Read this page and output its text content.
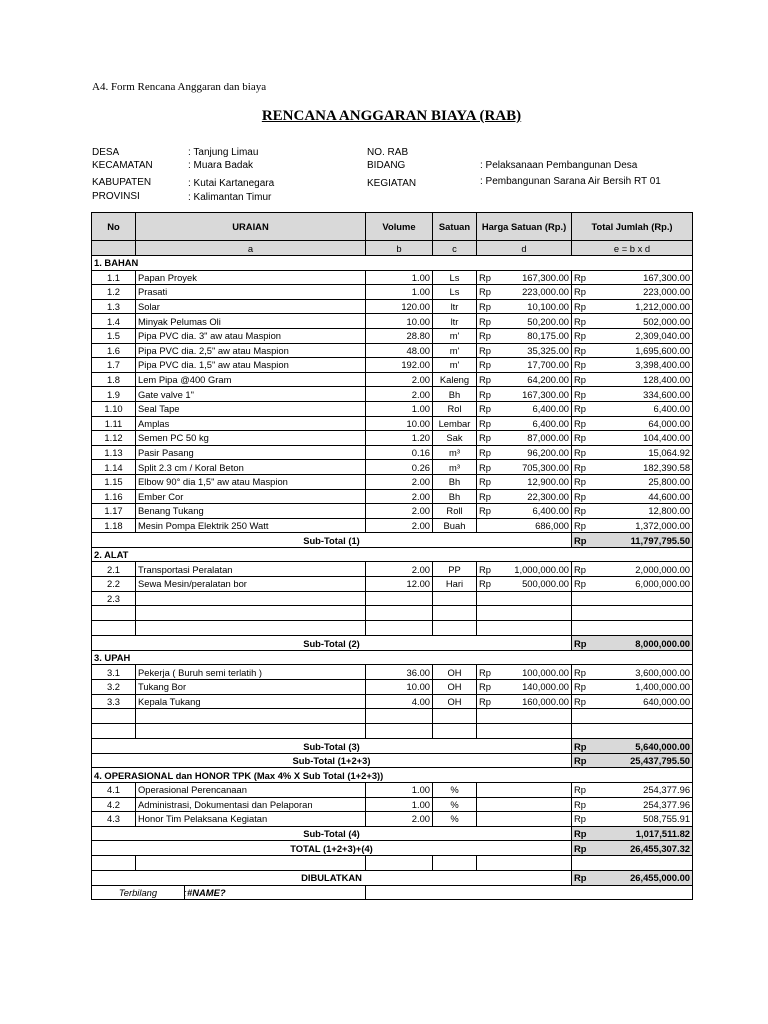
A4. Form Rencana Anggaran dan biaya
RENCANA ANGGARAN BIAYA (RAB)
DESA	: Tanjung Limau
KECAMATAN	: Muara Badak
KABUPATEN	: Kutai Kartanegara
PROVINSI	: Kalimantan Timur
NO. RAB
BIDANG	: Pelaksanaan Pembangunan Desa
KEGIATAN	: Pembangunan Sarana Air Bersih RT 01
No	URAIAN	Volume	Satuan	Harga Satuan (Rp.)		Total Jumlah (Rp.)	
	a	b	c	d		e = b x d	
1. BAHAN							
1.1	Papan Proyek	1.00	Ls	Rp	167,300.00	Rp	167,300.00
1.2	Prasati	1.00	Ls	Rp	223,000.00	Rp	223,000.00
1.3	Solar	120.00	ltr	Rp	10,100.00	Rp	1,212,000.00
1.4	Minyak Pelumas Oli	10.00	ltr	Rp	50,200.00	Rp	502,000.00
1.5	Pipa PVC dia. 3" aw atau Maspion	28.80	m'	Rp	80,175.00	Rp	2,309,040.00
1.6	Pipa PVC dia. 2,5" aw atau Maspion	48.00	m'	Rp	35,325.00	Rp	1,695,600.00
1.7	Pipa PVC dia. 1,5" aw atau Maspion	192.00	m'	Rp	17,700.00	Rp	3,398,400.00
1.8	Lem Pipa @400 Gram	2.00	Kaleng	Rp	64,200.00	Rp	128,400.00
1.9	Gate valve 1"	2.00	Bh	Rp	167,300.00	Rp	334,600.00
1.10	Seal Tape	1.00	Rol	Rp	6,400.00	Rp	6,400.00
1.11	Amplas	10.00	Lembar	Rp	6,400.00	Rp	64,000.00
1.12	Semen PC 50 kg	1.20	Sak	Rp	87,000.00	Rp	104,400.00
1.13	Pasir Pasang	0.16	m³	Rp	96,200.00	Rp	15,064.92
1.14	Split 2.3 cm / Koral Beton	0.26	m³	Rp	705,300.00	Rp	182,390.58
1.15	Elbow 90° dia 1,5" aw atau Maspion	2.00	Bh	Rp	12,900.00	Rp	25,800.00
1.16	Ember Cor	2.00	Bh	Rp	22,300.00	Rp	44,600.00
1.17	Benang Tukang	2.00	Roll	Rp	6,400.00	Rp	12,800.00
1.18	Mesin Pompa Elektrik 250 Watt	2.00	Buah		686,000	Rp	1,372,000.00
Sub-Total (1)						Rp	11,797,795.50
2. ALAT							
2.1	Transportasi Peralatan	2.00	PP	Rp	1,000,000.00	Rp	2,000,000.00
2.2	Sewa Mesin/peralatan bor	12.00	Hari	Rp	500,000.00	Rp	6,000,000.00
2.3							

Sub-Total (2)						Rp	8,000,000.00
3. UPAH							
3.1	Pekerja ( Buruh semi terlatih )	36.00	OH	Rp	100,000.00	Rp	3,600,000.00
3.2	Tukang Bor	10.00	OH	Rp	140,000.00	Rp	1,400,000.00
3.3	Kepala Tukang	4.00	OH	Rp	160,000.00	Rp	640,000.00

Sub-Total (3)						Rp	5,640,000.00
Sub-Total (1+2+3)						Rp	25,437,795.50
4. OPERASIONAL dan HONOR TPK (Max 4% X Sub Total (1+2+3))							
4.1	Operasional Perencanaan	1.00	%			Rp	254,377.96
4.2	Administrasi, Dokumentasi dan Pelaporan	1.00	%			Rp	254,377.96
4.3	Honor Tim Pelaksana Kegiatan	2.00	%			Rp	508,755.91
Sub-Total (4)						Rp	1,017,511.82
TOTAL (1+2+3)+(4)						Rp	26,455,307.32

DIBULATKAN						Rp	26,455,000.00

Terbilang : #NAME?							
